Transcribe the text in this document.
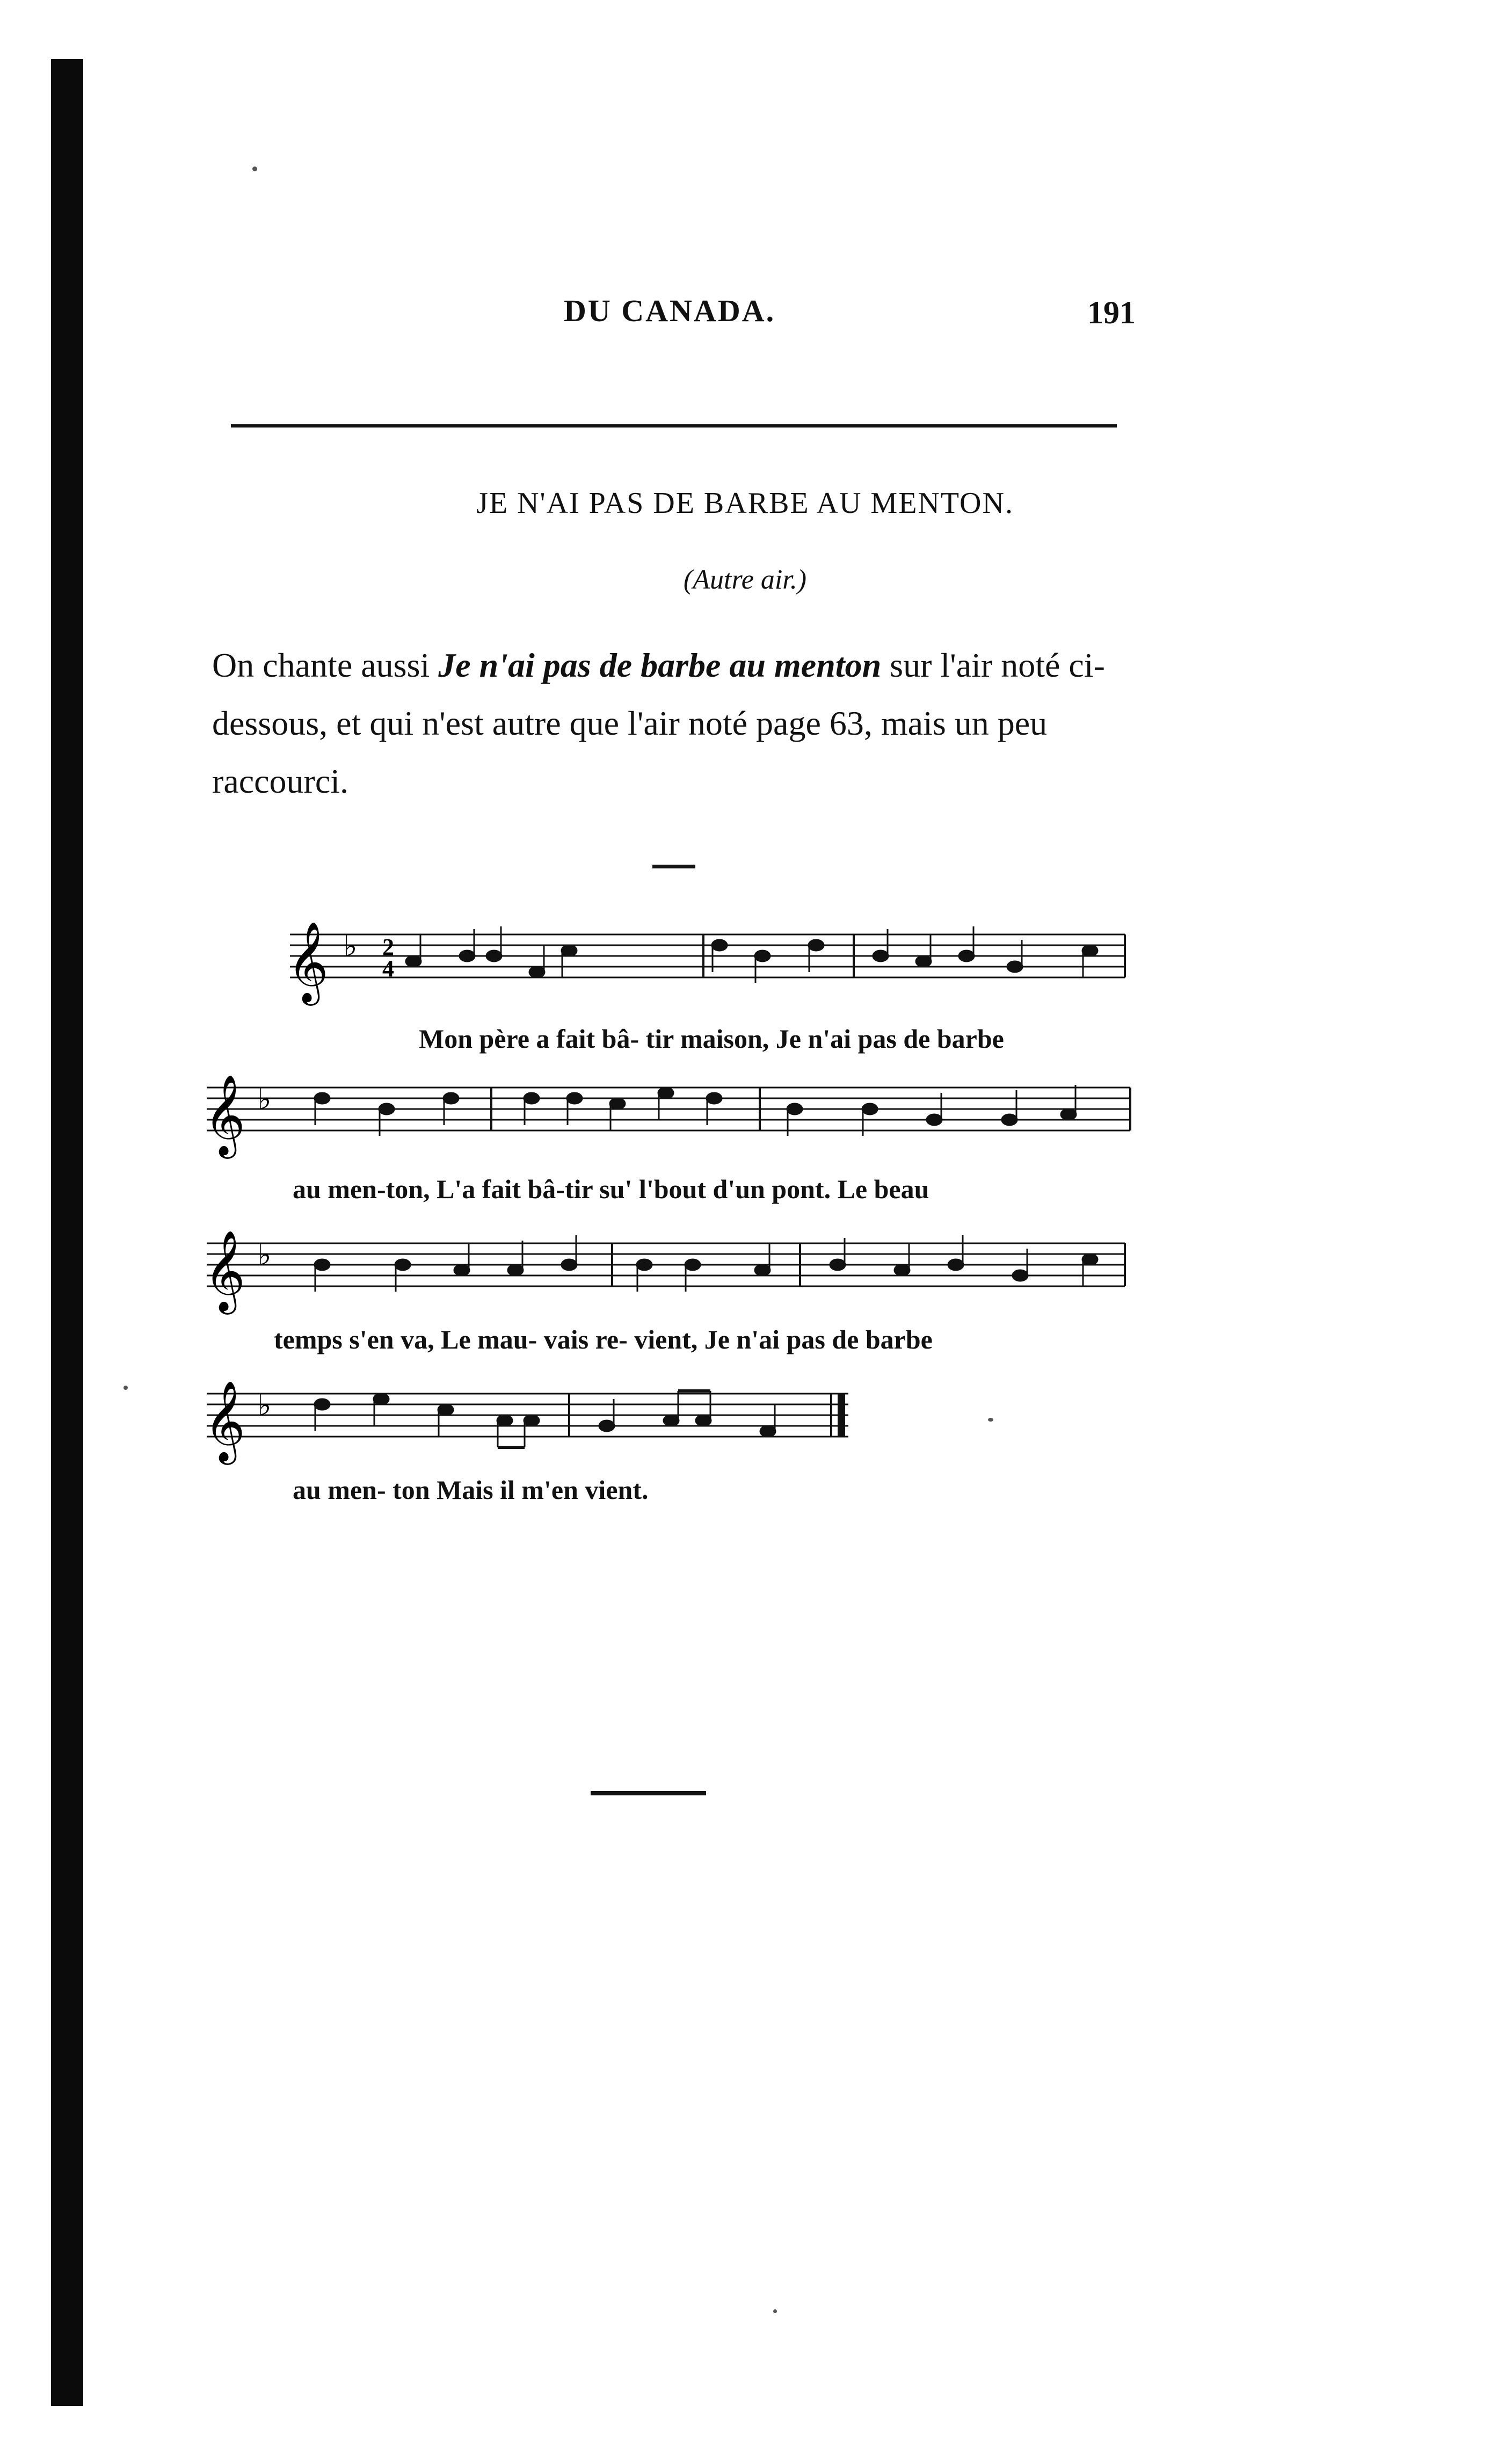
DU CANADA.	191
JE N'AI PAS DE BARBE AU MENTON.
(Autre air.)
On chante aussi Je n'ai pas de barbe au menton sur l'air noté ci-dessous, et qui n'est autre que l'air noté page 63, mais un peu raccourci.
𝄞 ♭ 2
4
Mon père a fait bâ- tir maison, Je n'ai pas de barbe
𝄞 ♭
au men-ton, L'a fait bâ-tir su' l'bout d'un pont. Le beau
𝄞 ♭
temps s'en va, Le mau- vais re- vient, Je n'ai pas de barbe
𝄞 ♭
au men- ton Mais il m'en vient.
